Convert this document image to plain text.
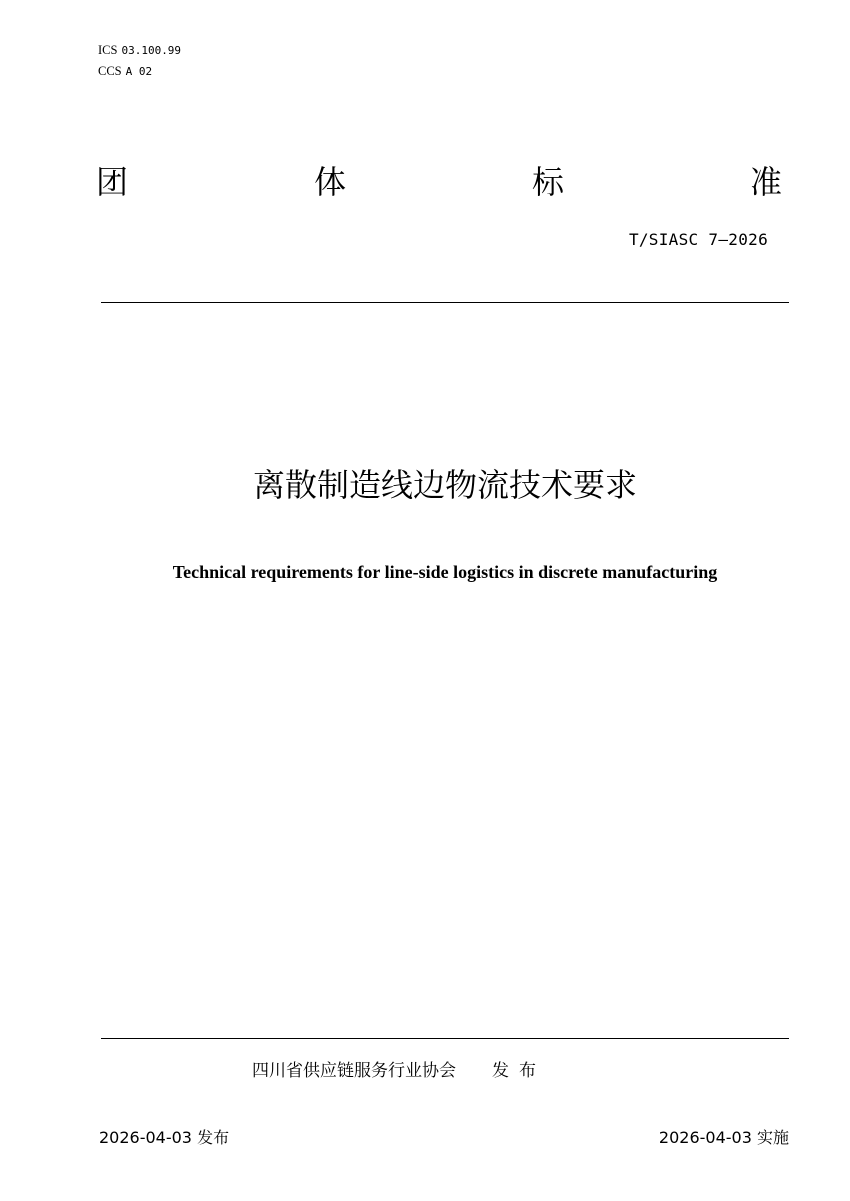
ICS 03.100.99
CCS A 02
团	体	标	准
T/SIASC 7—2026
离散制造线边物流技术要求
Technical requirements for line-side logistics in discrete manufacturing
四川省供应链服务行业协会 发布
2026-04-03 发布	2026-04-03 实施
